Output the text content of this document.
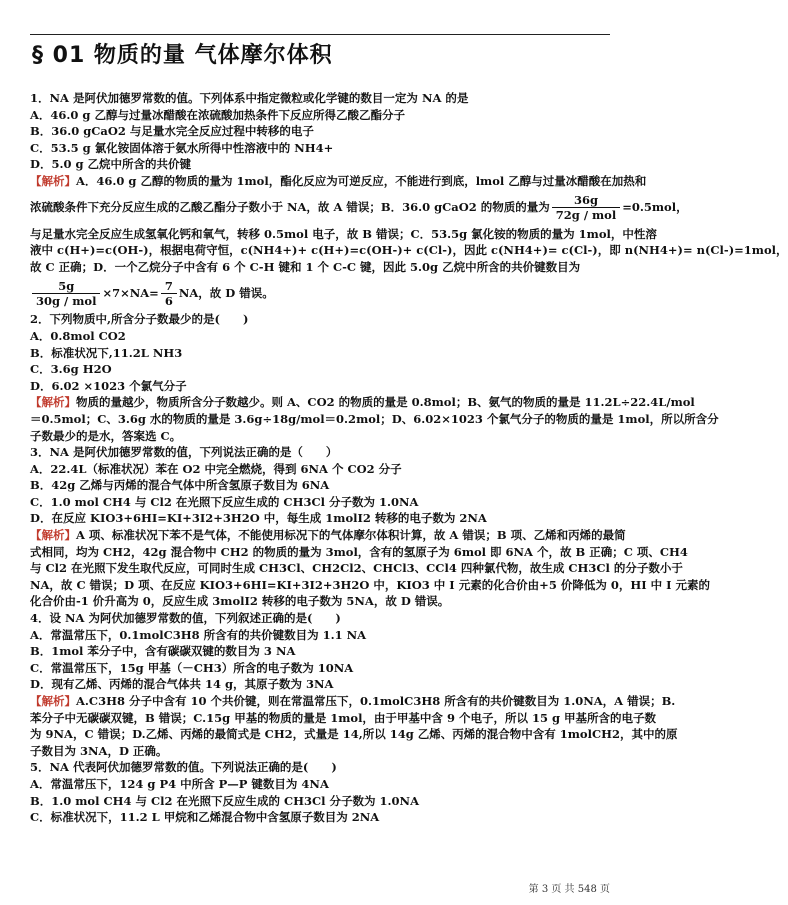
§ 01 物质的量 气体摩尔体积
1．NA 是阿伏加德罗常数的值。下列体系中指定微粒或化学键的数目一定为 NA 的是
A．46.0 g 乙醇与过量冰醋酸在浓硫酸加热条件下反应所得乙酸乙酯分子
B．36.0 gCaO2 与足量水完全反应过程中转移的电子
C．53.5 g 氯化铵固体溶于氨水所得中性溶液中的 NH4+
D．5.0 g 乙烷中所含的共价键
【解析】A．46.0 g 乙醇的物质的量为 1mol，酯化反应为可逆反应，不能进行到底，lmol 乙醇与过量冰醋酸在加热和
浓硫酸条件下充分反应生成的乙酸乙酯分子数小于 NA，故 A 错误；B．36.0 gCaO2 的物质的量为 $\frac{36g}{\text{72g / mol}} =0.5mol$，
与足量水完全反应生成氢氧化钙和氧气，转移 0.5mol 电子，故 B 错误；C．53.5g 氯化铵的物质的量为 1mol，中性溶
液中 c(H+)=c(OH-)，根据电荷守恒，c(NH4+)+ c(H+)=c(OH-)+ c(Cl-)，因此 c(NH4+)= c(Cl-)，即 n(NH4+)= n(Cl-)=1mol，
故 C 正确；D．一个乙烷分子中含有 6 个 C-H 键和 1 个 C-C 键，因此 5.0g 乙烷中所含的共价键数目为
$\frac{5g}{\text{30g / mol}} \times 7\times NA= \frac{7}{6}$ NA，故 D 错误。
2．下列物质中,所含分子数最少的是(　　)
A．0.8mol CO2
B．标准状况下,11.2L NH3
C．3.6g H2O
D．6.02 ×1023 个氯气分子
【解析】物质的量越少，物质所含分子数越少。则 A、CO2 的物质的量是 0.8mol；B、氨气的物质的量是 11.2L÷22.4L/mol
＝0.5mol；C、3.6g 水的物质的量是 3.6g÷18g/mol＝0.2mol；D、6.02×1023 个氯气分子的物质的量是 1mol，所以所含分
子数最少的是水，答案选 C。
3．NA 是阿伏加德罗常数的值，下列说法正确的是（　　）
A．22.4L（标准状况）苯在 O2 中完全燃烧，得到 6NA 个 CO2 分子
B．42g 乙烯与丙烯的混合气体中所含氢原子数目为 6NA
C．1.0 mol CH4 与 Cl2 在光照下反应生成的 CH3Cl 分子数为 1.0NA
D．在反应 KIO3+6HI=KI+3I2+3H2O 中，每生成 1molI2 转移的电子数为 2NA
【解析】A 项、标准状况下苯不是气体，不能使用标况下的气体摩尔体积计算，故 A 错误；B 项、乙烯和丙烯的最简
式相同，均为 CH2，42g 混合物中 CH2 的物质的量为 3mol，含有的氢原子为 6mol 即 6NA 个，故 B 正确；C 项、CH4
与 Cl2 在光照下发生取代反应，可同时生成 CH3Cl、CH2Cl2、CHCl3、CCl4 四种氯代物，故生成 CH3Cl 的分子数小于
NA，故 C 错误；D 项、在反应 KIO3+6HI=KI+3I2+3H2O 中，KIO3 中 I 元素的化合价由+5 价降低为 0，HI 中 I 元素的
化合价由-1 价升高为 0，反应生成 3molI2 转移的电子数为 5NA，故 D 错误。
4．设 NA 为阿伏加德罗常数的值，下列叙述正确的是(　　)
A．常温常压下，0.1molC3H8 所含有的共价键数目为 1.1 NA
B．1mol 苯分子中，含有碳碳双键的数目为 3 NA
C．常温常压下，15g 甲基（－CH3）所含的电子数为 10NA
D．现有乙烯、丙烯的混合气体共 14 g，其原子数为 3NA
【解析】A.C3H8 分子中含有 10 个共价键，则在常温常压下，0.1molC3H8 所含有的共价键数目为 1.0NA，A 错误；B.
苯分子中无碳碳双键，B 错误；C.15g 甲基的物质的量是 1mol，由于甲基中含 9 个电子，所以 15 g 甲基所含的电子数
为 9NA，C 错误；D.乙烯、丙烯的最简式是 CH2，式量是 14,所以 14g 乙烯、丙烯的混合物中含有 1molCH2，其中的原
子数目为 3NA，D 正确。
5．NA 代表阿伏加德罗常数的值。下列说法正确的是(　　)
A．常温常压下，124 g P4 中所含 P—P 键数目为 4NA
B．1.0 mol CH4 与 Cl2 在光照下反应生成的 CH3Cl 分子数为 1.0NA
C．标准状况下，11.2 L 甲烷和乙烯混合物中含氢原子数目为 2NA
第 3 页 共 548 页
